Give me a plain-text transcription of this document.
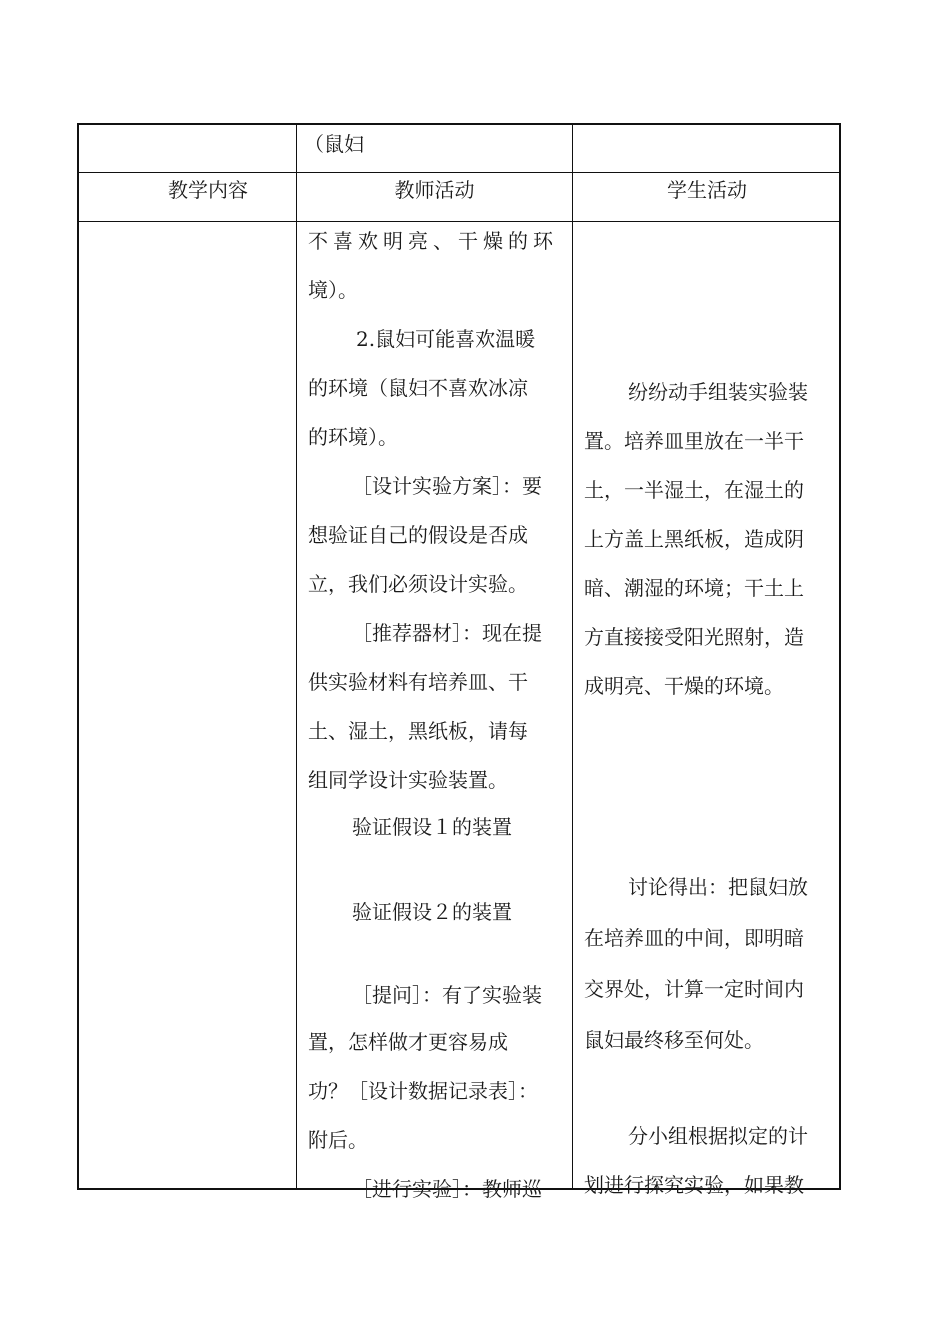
（鼠妇
教学内容	教师活动	学生活动

不喜欢明亮、干燥的环

境）。

2.鼠妇可能喜欢温暖

的环境（鼠妇不喜欢冰凉

的环境）。

［设计实验方案］：要

想验证自己的假设是否成

立，我们必须设计实验。

［推荐器材］：现在提

供实验材料有培养皿、干

土、湿土，黑纸板，请每

组同学设计实验装置。

验证假设１的装置

验证假设２的装置

［提问］：有了实验装

置，怎样做才更容易成

功？［设计数据记录表］：

附后。

［进行实验］：教师巡

纷纷动手组装实验装

置。培养皿里放在一半干

土，一半湿土，在湿土的

上方盖上黑纸板，造成阴

暗、潮湿的环境；干土上

方直接接受阳光照射，造

成明亮、干燥的环境。

讨论得出：把鼠妇放

在培养皿的中间，即明暗

交界处，计算一定时间内

鼠妇最终移至何处。

分小组根据拟定的计

划进行探究实验，如果教
